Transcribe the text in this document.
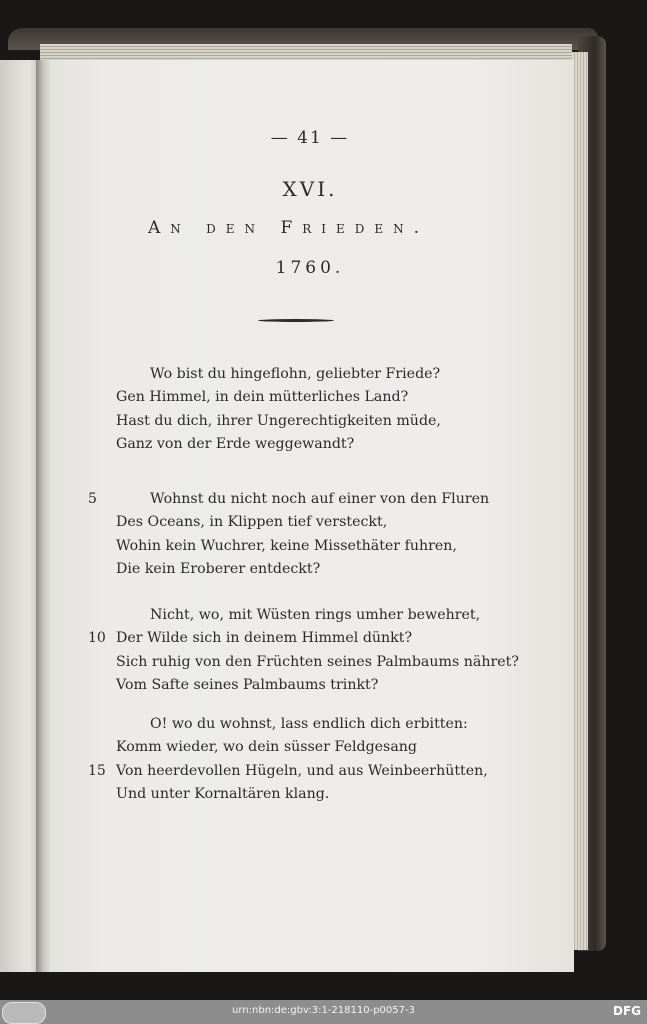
— 41 —
XVI.
An den Frieden.
1760.
Wo bist du hingeflohn, geliebter Friede?
Gen Himmel, in dein mütterliches Land?
Hast du dich, ihrer Ungerechtigkeiten müde,
Ganz von der Erde weggewandt?
5	Wohnst du nicht noch auf einer von den Fluren
Des Oceans, in Klippen tief versteckt,
Wohin kein Wuchrer, keine Missethäter fuhren,
Die kein Eroberer entdeckt?
Nicht, wo, mit Wüsten rings umher bewehret,
10 Der Wilde sich in deinem Himmel dünkt?
Sich ruhig von den Früchten seines Palmbaums nähret?
Vom Safte seines Palmbaums trinkt?
O! wo du wohnst, lass endlich dich erbitten:
Komm wieder, wo dein süsser Feldgesang
15 Von heerdevollen Hügeln, und aus Weinbeerhütten,
Und unter Kornaltären klang.
urn:nbn:de:gbv:3:1-218110-p0057-3	DFG
